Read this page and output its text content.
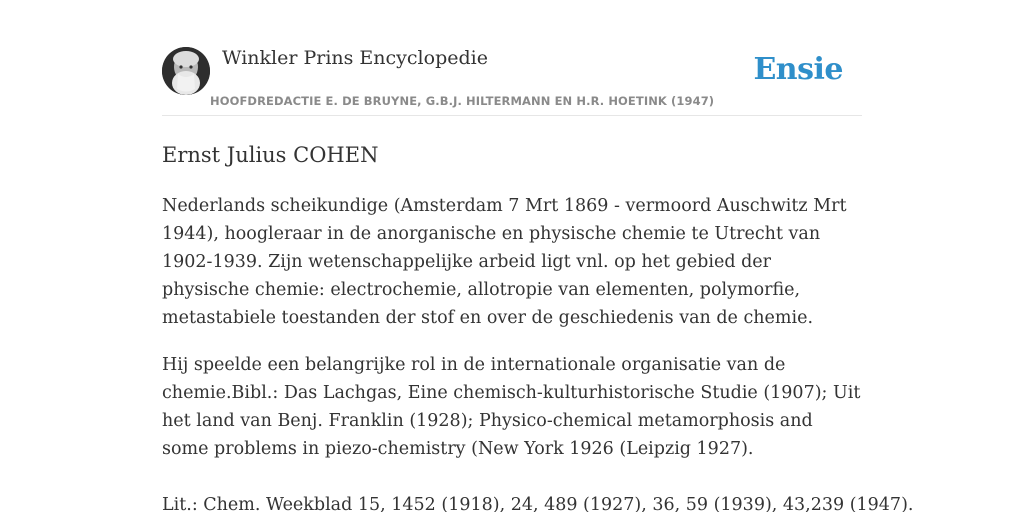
Winkler Prins Encyclopedie
HOOFDREDACTIE E. DE BRUYNE, G.B.J. HILTERMANN EN H.R. HOETINK (1947)
Ensie
Ernst Julius COHEN

Nederlands scheikundige (Amsterdam 7 Mrt 1869 - vermoord Auschwitz Mrt 1944), hoogleraar in de anorganische en physische chemie te Utrecht van 1902-1939. Zijn wetenschappelijke arbeid ligt vnl. op het gebied der physische chemie: electrochemie, allotropie van elementen, polymorfie, metastabiele toestanden der stof en over de geschiedenis van de chemie.

Hij speelde een belangrijke rol in de internationale organisatie van de chemie.Bibl.: Das Lachgas, Eine chemisch-kulturhistorische Studie (1907); Uit het land van Benj. Franklin (1928); Physico-chemical metamorphosis and some problems in piezo-chemistry (New York 1926 (Leipzig 1927).

Lit.: Chem. Weekblad 15, 1452 (1918), 24, 489 (1927), 36, 59 (1939), 43,239 (1947).
